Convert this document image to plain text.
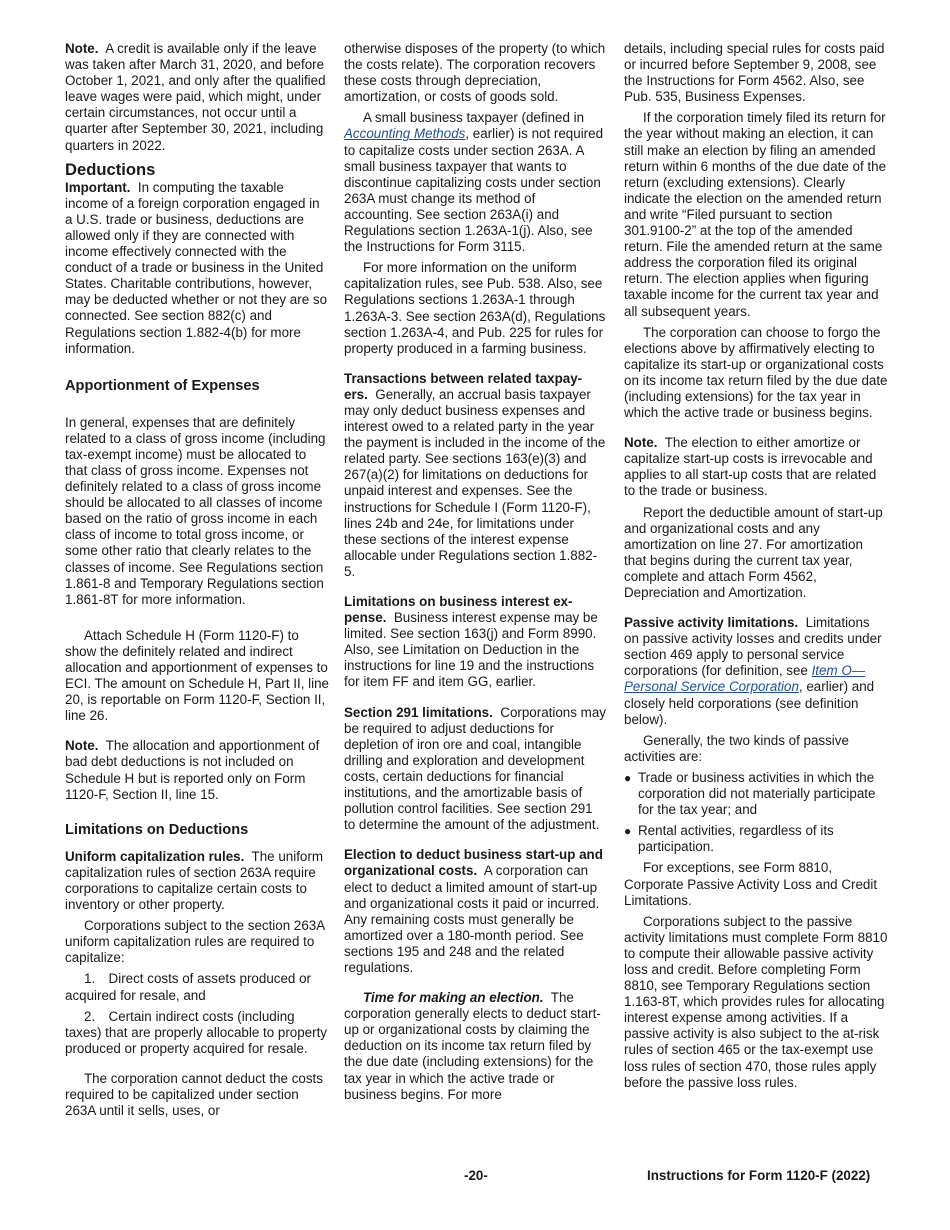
Note. A credit is available only if the leave was taken after March 31, 2020, and before October 1, 2021, and only after the qualified leave wages were paid, which might, under certain circumstances, not occur until a quarter after September 30, 2021, including quarters in 2022.

Deductions

Important. In computing the taxable income of a foreign corporation engaged in a U.S. trade or business, deductions are allowed only if they are connected with income effectively connected with the conduct of a trade or business in the United States. Charitable contributions, however, may be deducted whether or not they are so connected. See section 882(c) and Regulations section 1.882-4(b) for more information.

Apportionment of Expenses

In general, expenses that are definitely related to a class of gross income (including tax-exempt income) must be allocated to that class of gross income. Expenses not definitely related to a class of gross income should be allocated to all classes of income based on the ratio of gross income in each class of income to total gross income, or some other ratio that clearly relates to the classes of income. See Regulations section 1.861-8 and Temporary Regulations section 1.861-8T for more information.

Attach Schedule H (Form 1120-F) to show the definitely related and indirect allocation and apportionment of expenses to ECI. The amount on Schedule H, Part II, line 20, is reportable on Form 1120-F, Section II, line 26.

Note. The allocation and apportionment of bad debt deductions is not included on Schedule H but is reported only on Form 1120-F, Section II, line 15.

Limitations on Deductions

Uniform capitalization rules. The uniform capitalization rules of section 263A require corporations to capitalize certain costs to inventory or other property.

Corporations subject to the section 263A uniform capitalization rules are required to capitalize:

1. Direct costs of assets produced or acquired for resale, and

2. Certain indirect costs (including taxes) that are properly allocable to property produced or property acquired for resale.

The corporation cannot deduct the costs required to be capitalized under section 263A until it sells, uses, or

otherwise disposes of the property (to which the costs relate). The corporation recovers these costs through depreciation, amortization, or costs of goods sold.

A small business taxpayer (defined in Accounting Methods, earlier) is not required to capitalize costs under section 263A. A small business taxpayer that wants to discontinue capitalizing costs under section 263A must change its method of accounting. See section 263A(i) and Regulations section 1.263A-1(j). Also, see the Instructions for Form 3115.

For more information on the uniform capitalization rules, see Pub. 538. Also, see Regulations sections 1.263A-1 through 1.263A-3. See section 263A(d), Regulations section 1.263A-4, and Pub. 225 for rules for property produced in a farming business.

Transactions between related taxpay-ers. Generally, an accrual basis taxpayer may only deduct business expenses and interest owed to a related party in the year the payment is included in the income of the related party. See sections 163(e)(3) and 267(a)(2) for limitations on deductions for unpaid interest and expenses. See the instructions for Schedule I (Form 1120-F), lines 24b and 24e, for limitations under these sections of the interest expense allocable under Regulations section 1.882-5.

Limitations on business interest ex-pense. Business interest expense may be limited. See section 163(j) and Form 8990. Also, see Limitation on Deduction in the instructions for line 19 and the instructions for item FF and item GG, earlier.

Section 291 limitations. Corporations may be required to adjust deductions for depletion of iron ore and coal, intangible drilling and exploration and development costs, certain deductions for financial institutions, and the amortizable basis of pollution control facilities. See section 291 to determine the amount of the adjustment.

Election to deduct business start-up and organizational costs. A corporation can elect to deduct a limited amount of start-up and organizational costs it paid or incurred. Any remaining costs must generally be amortized over a 180-month period. See sections 195 and 248 and the related regulations.

Time for making an election. The corporation generally elects to deduct start-up or organizational costs by claiming the deduction on its income tax return filed by the due date (including extensions) for the tax year in which the active trade or business begins. For more

details, including special rules for costs paid or incurred before September 9, 2008, see the Instructions for Form 4562. Also, see Pub. 535, Business Expenses.

If the corporation timely filed its return for the year without making an election, it can still make an election by filing an amended return within 6 months of the due date of the return (excluding extensions). Clearly indicate the election on the amended return and write “Filed pursuant to section 301.9100-2” at the top of the amended return. File the amended return at the same address the corporation filed its original return. The election applies when figuring taxable income for the current tax year and all subsequent years.

The corporation can choose to forgo the elections above by affirmatively electing to capitalize its start-up or organizational costs on its income tax return filed by the due date (including extensions) for the tax year in which the active trade or business begins.

Note. The election to either amortize or capitalize start-up costs is irrevocable and applies to all start-up costs that are related to the trade or business.

Report the deductible amount of start-up and organizational costs and any amortization on line 27. For amortization that begins during the current tax year, complete and attach Form 4562, Depreciation and Amortization.

Passive activity limitations. Limitations on passive activity losses and credits under section 469 apply to personal service corporations (for definition, see Item O—Personal Service Corporation, earlier) and closely held corporations (see definition below).

Generally, the two kinds of passive activities are:

● Trade or business activities in which the corporation did not materially participate for the tax year; and
● Rental activities, regardless of its participation.

For exceptions, see Form 8810, Corporate Passive Activity Loss and Credit Limitations.

Corporations subject to the passive activity limitations must complete Form 8810 to compute their allowable passive activity loss and credit. Before completing Form 8810, see Temporary Regulations section 1.163-8T, which provides rules for allocating interest expense among activities. If a passive activity is also subject to the at-risk rules of section 465 or the tax-exempt use loss rules of section 470, those rules apply before the passive loss rules.

-20-	Instructions for Form 1120-F (2022)
